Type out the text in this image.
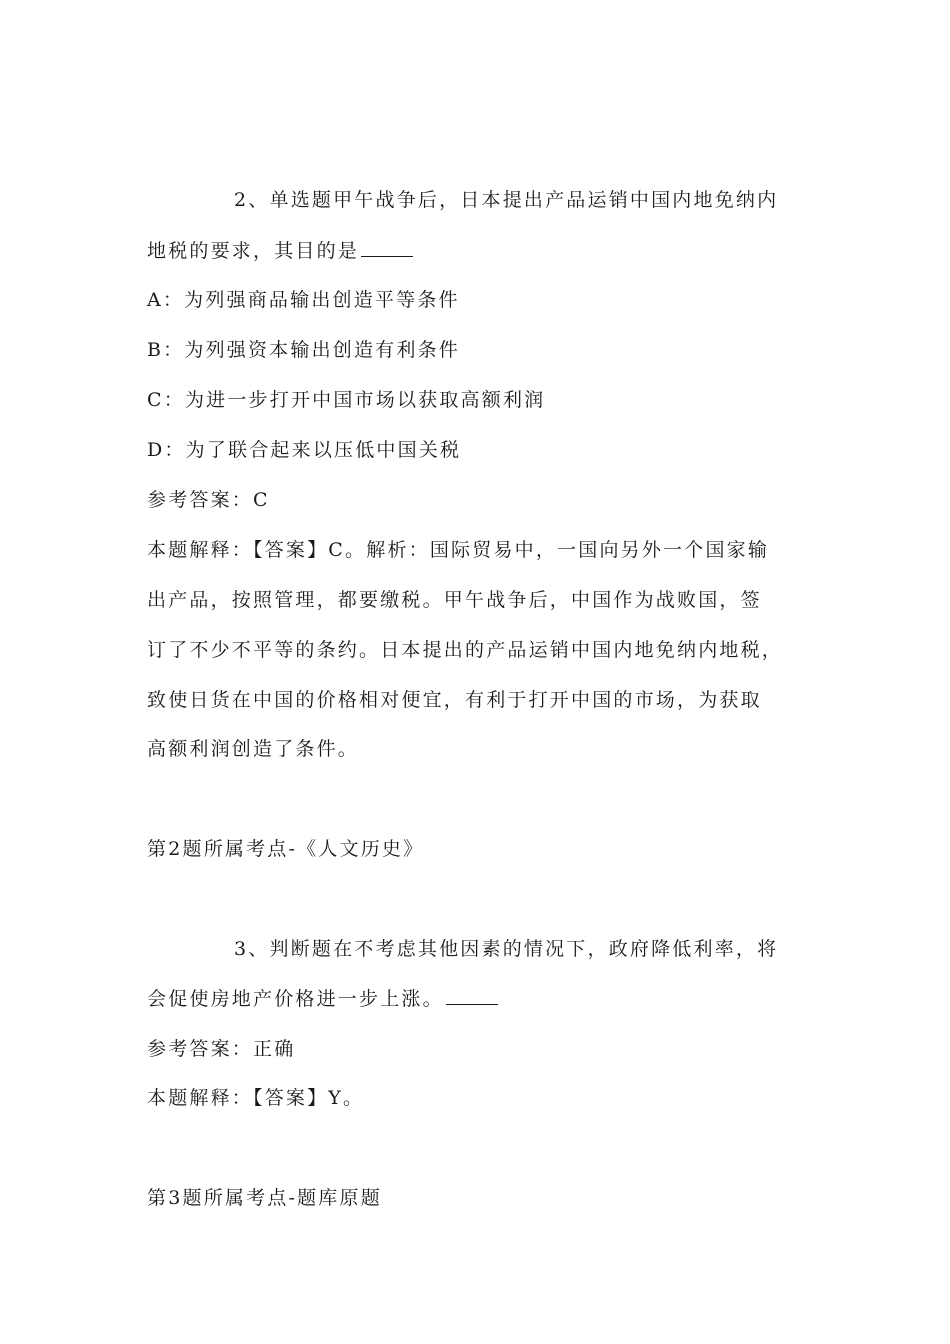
2、单选题甲午战争后，日本提出产品运销中国内地免纳内
地税的要求，其目的是
A：为列强商品输出创造平等条件
B：为列强资本输出创造有利条件
C：为进一步打开中国市场以获取高额利润
D：为了联合起来以压低中国关税
参考答案：C
本题解释：【答案】C。解析：国际贸易中，一国向另外一个国家输
出产品，按照管理，都要缴税。甲午战争后，中国作为战败国，签
订了不少不平等的条约。日本提出的产品运销中国内地免纳内地税，
致使日货在中国的价格相对便宜，有利于打开中国的市场，为获取
高额利润创造了条件。
第2题所属考点-《人文历史》
3、判断题在不考虑其他因素的情况下，政府降低利率，将
会促使房地产价格进一步上涨。
参考答案：正确
本题解释：【答案】Y。
第3题所属考点-题库原题
